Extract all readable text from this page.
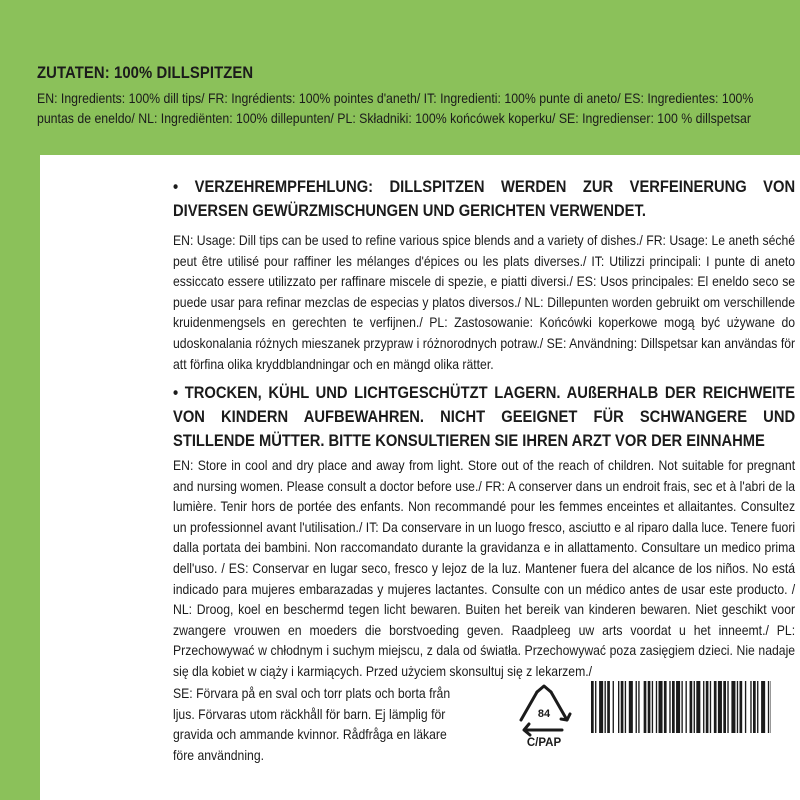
ZUTATEN: 100% DILLSPITZEN
EN: Ingredients: 100% dill tips/ FR: Ingrédients: 100% pointes d'aneth/ IT: Ingredienti: 100% punte di aneto/ ES: Ingredientes: 100% puntas de eneldo/ NL: Ingrediënten: 100% dillepunten/ PL: Składniki: 100% końcówek koperku/ SE: Ingredienser: 100 % dillspetsar
• VERZEHREMPFEHLUNG: DILLSPITZEN WERDEN ZUR VERFEINERUNG VON DIVERSEN GEWÜRZMISCHUNGEN UND GERICHTEN VERWENDET.
EN: Usage: Dill tips can be used to refine various spice blends and a variety of dishes./ FR: Usage: Le aneth séché peut être utilisé pour raffiner les mélanges d'épices ou les plats diverses./ IT: Utilizzi principali: I punte di aneto essiccato essere utilizzato per raffinare miscele di spezie, e piatti diversi./ ES: Usos principales: El eneldo seco se puede usar para refinar mezclas de especias y platos diversos./ NL: Dillepunten worden gebruikt om verschillende kruidenmengsels en gerechten te verfijnen./ PL: Zastosowanie: Końcówki koperkowe mogą być używane do udoskonalania różnych mieszanek przypraw i różnorodnych potraw./ SE: Användning: Dillspetsar kan användas för att förfina olika kryddblandningar och en mängd olika rätter.
• TROCKEN, KÜHL UND LICHTGESCHÜTZT LAGERN. AUßERHALB DER REICHWEITE VON KINDERN AUFBEWAHREN. NICHT GEEIGNET FÜR SCHWANGERE UND STILLENDE MÜTTER. BITTE KONSULTIEREN SIE IHREN ARZT VOR DER EINNAHME
EN: Store in cool and dry place and away from light. Store out of the reach of children. Not suitable for pregnant and nursing women. Please consult a doctor before use./ FR: A conserver dans un endroit frais, sec et à l'abri de la lumière. Tenir hors de portée des enfants. Non recommandé pour les femmes enceintes et allaitantes. Consultez un professionnel avant l'utilisation./ IT: Da conservare in un luogo fresco, asciutto e al riparo dalla luce. Tenere fuori dalla portata dei bambini. Non raccomandato durante la gravidanza e in allattamento. Consultare un medico prima dell'uso. / ES: Conservar en lugar seco, fresco y lejoz de la luz. Mantener fuera del alcance de los niños. No está indicado para mujeres embarazadas y mujeres lactantes. Consulte con un médico antes de usar este producto. / NL: Droog, koel en beschermd tegen licht bewaren. Buiten het bereik van kinderen bewaren. Niet geschikt voor zwangere vrouwen en moeders die borstvoeding geven. Raadpleeg uw arts voordat u het inneemt./ PL: Przechowywać w chłodnym i suchym miejscu, z dala od światła. Przechowywać poza zasięgiem dzieci. Nie nadaje się dla kobiet w ciąży i karmiących. Przed użyciem skonsultuj się z lekarzem./
SE: Förvara på en sval och torr plats och borta från ljus. Förvaras utom räckhåll för barn. Ej lämplig för gravida och ammande kvinnor. Rådfråga en läkare före användning.
84
C/PAP
